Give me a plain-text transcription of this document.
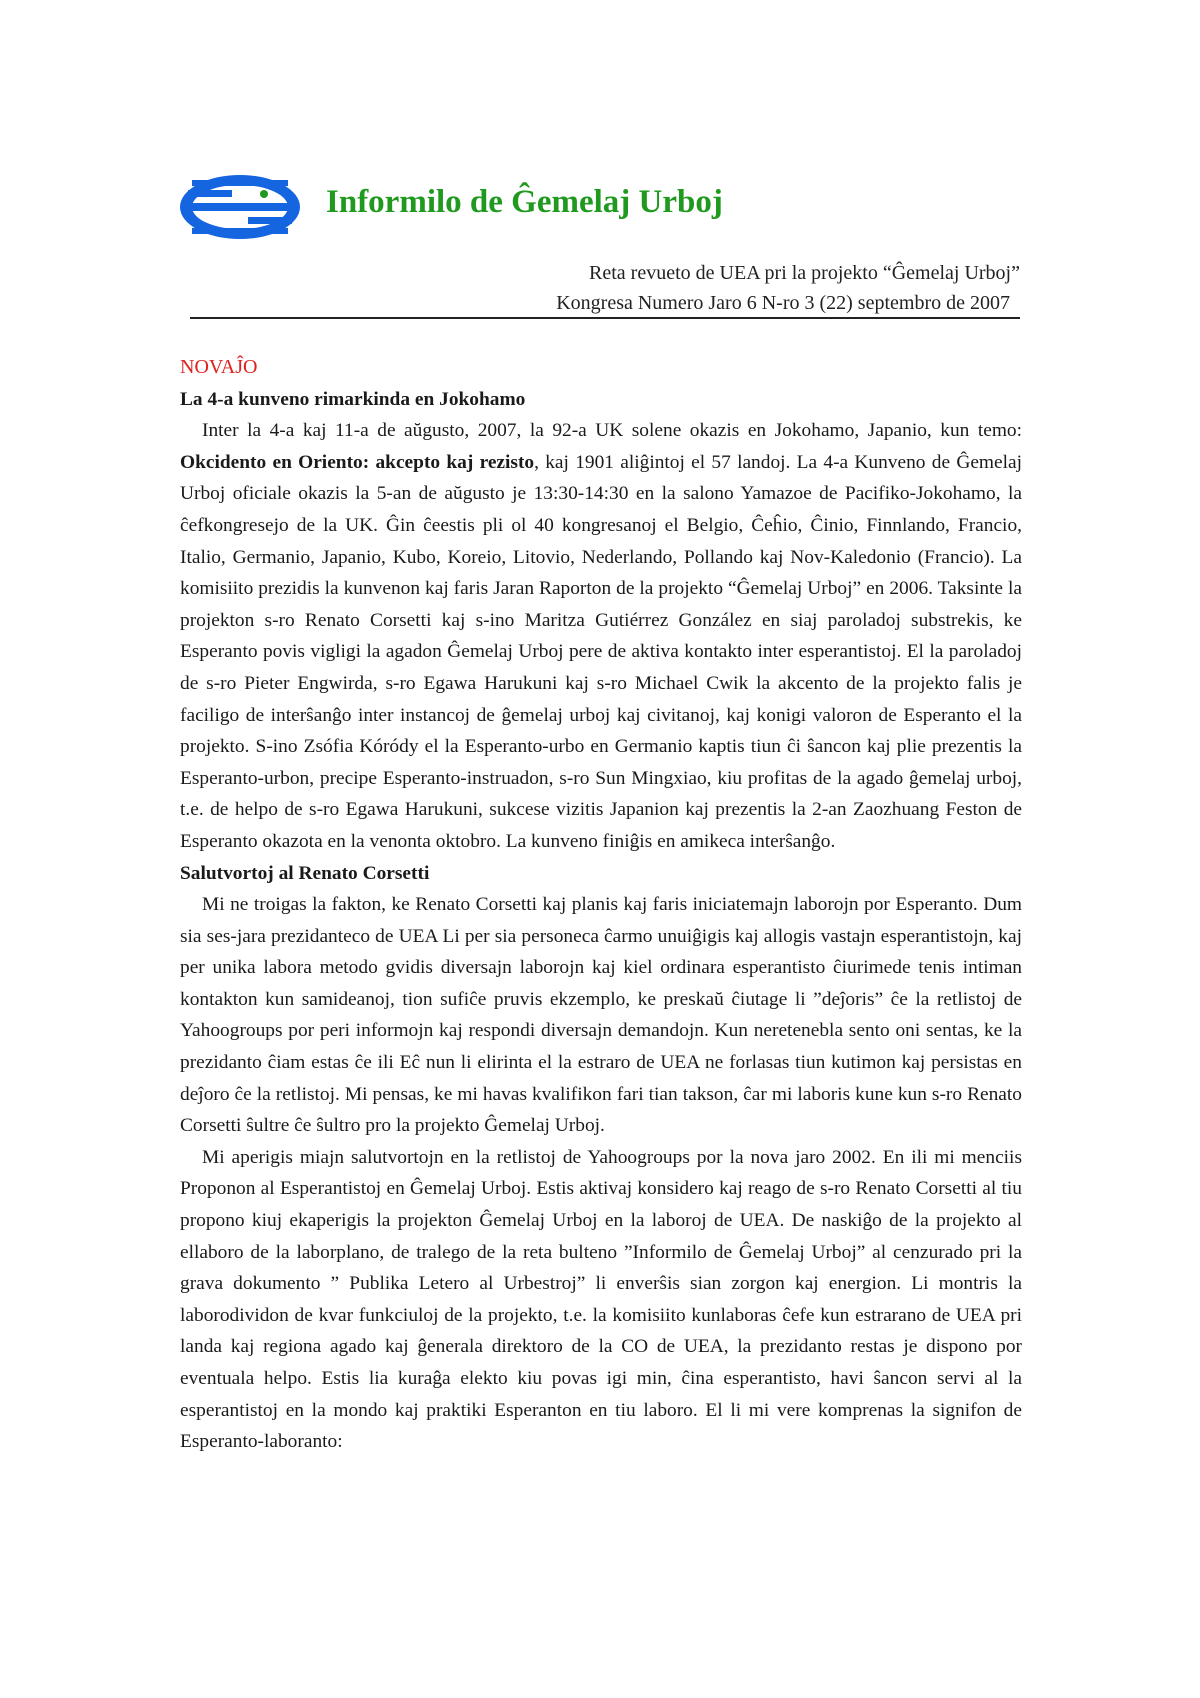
Informilo de Ĝemelaj Urboj
Reta revueto de UEA pri la projekto “Ĝemelaj Urboj”
Kongresa Numero Jaro 6 N-ro 3 (22) septembro de 2007

NOVAĴO

La 4-a kunveno rimarkinda en Jokohamo

Inter la 4-a kaj 11-a de aŭgusto, 2007, la 92-a UK solene okazis en Jokohamo, Japanio, kun temo: Okcidento en Oriento: akcepto kaj rezisto, kaj 1901 aliĝintoj el 57 landoj. La 4-a Kunveno de Ĝemelaj Urboj oficiale okazis la 5-an de aŭgusto je 13:30-14:30 en la salono Yamazoe de Pacifiko-Jokohamo, la ĉefkongresejo de la UK. Ĝin ĉeestis pli ol 40 kongresanoj el Belgio, Ĉeĥio, Ĉinio, Finnlando, Francio, Italio, Germanio, Japanio, Kubo, Koreio, Litovio, Nederlando, Pollando kaj Nov-Kaledonio (Francio). La komisiito prezidis la kunvenon kaj faris Jaran Raporton de la projekto “Ĝemelaj Urboj” en 2006. Taksinte la projekton s-ro Renato Corsetti kaj s-ino Maritza Gutiérrez González en siaj paroladoj substrekis, ke Esperanto povis vigligi la agadon Ĝemelaj Urboj pere de aktiva kontakto inter esperantistoj. El la paroladoj de s-ro Pieter Engwirda, s-ro Egawa Harukuni kaj s-ro Michael Cwik la akcento de la projekto falis je faciligo de interŝanĝo inter instancoj de ĝemelaj urboj kaj civitanoj, kaj konigi valoron de Esperanto el la projekto. S-ino Zsófia Kóródy el la Esperanto-urbo en Germanio kaptis tiun ĉi ŝancon kaj plie prezentis la Esperanto-urbon, precipe Esperanto-instruadon, s-ro Sun Mingxiao, kiu profitas de la agado ĝemelaj urboj, t.e. de helpo de s-ro Egawa Harukuni, sukcese vizitis Japanion kaj prezentis la 2-an Zaozhuang Feston de Esperanto okazota en la venonta oktobro. La kunveno finiĝis en amikeca interŝanĝo.

Salutvortoj al Renato Corsetti

Mi ne troigas la fakton, ke Renato Corsetti kaj planis kaj faris iniciatemajn laborojn por Esperanto. Dum sia ses-jara prezidanteco de UEA Li per sia personeca ĉarmo unuiĝigis kaj allogis vastajn esperantistojn, kaj per unika labora metodo gvidis diversajn laborojn kaj kiel ordinara esperantisto ĉiurimede tenis intiman kontakton kun samideanoj, tion sufiĉe pruvis ekzemplo, ke preskaŭ ĉiutage li ”deĵoris” ĉe la retlistoj de Yahoogroups por peri informojn kaj respondi diversajn demandojn. Kun neretenebla sento oni sentas, ke la prezidanto ĉiam estas ĉe ili Eĉ nun li elirinta el la estraro de UEA ne forlasas tiun kutimon kaj persistas en deĵoro ĉe la retlistoj. Mi pensas, ke mi havas kvalifikon fari tian takson, ĉar mi laboris kune kun s-ro Renato Corsetti ŝultre ĉe ŝultro pro la projekto Ĝemelaj Urboj.

Mi aperigis miajn salutvortojn en la retlistoj de Yahoogroups por la nova jaro 2002. En ili mi menciis Proponon al Esperantistoj en Ĝemelaj Urboj. Estis aktivaj konsidero kaj reago de s-ro Renato Corsetti al tiu propono kiuj ekaperigis la projekton Ĝemelaj Urboj en la laboroj de UEA. De naskiĝo de la projekto al ellaboro de la laborplano, de tralego de la reta bulteno ”Informilo de Ĝemelaj Urboj” al cenzurado pri la grava dokumento ” Publika Letero al Urbestroj” li enverŝis sian zorgon kaj energion. Li montris la laborodividon de kvar funkciuloj de la projekto, t.e. la komisiito kunlaboras ĉefe kun estrarano de UEA pri landa kaj regiona agado kaj ĝenerala direktoro de la CO de UEA, la prezidanto restas je dispono por eventuala helpo. Estis lia kuraĝa elekto kiu povas igi min, ĉina esperantisto, havi ŝancon servi al la esperantistoj en la mondo kaj praktiki Esperanton en tiu laboro. El li mi vere komprenas la signifon de Esperanto-laboranto:
